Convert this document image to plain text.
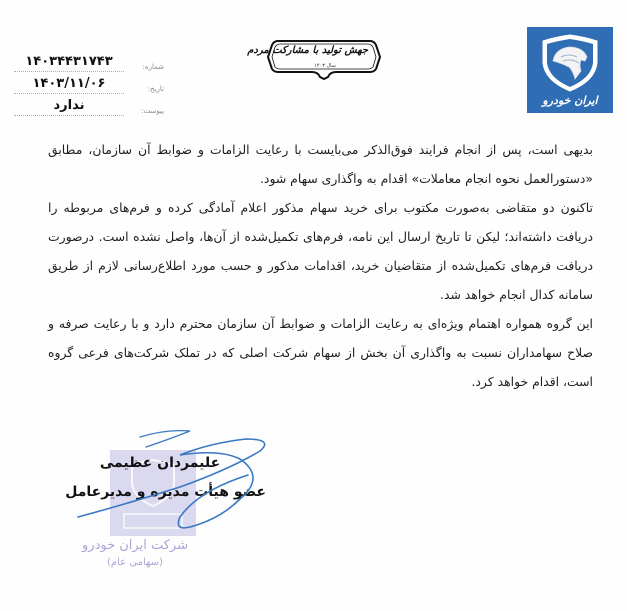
شماره:
۱۴۰۳۴۴۳۱۷۴۳
تاریخ:
۱۴۰۳/۱۱/۰۶
پیوست:
ندارد
جهش تولید با مشارکت مردم
سال ۱۴۰۳
ایران خودرو

بدیهی است، پس از انجام فرایند فوق‌الذکر می‌بایست با رعایت الزامات و ضوابط آن سازمان، مطابق «دستورالعمل نحوه انجام معاملات» اقدام به واگذاری سهام شود.

تاکنون دو متقاضی به‌صورت مکتوب برای خرید سهام مذکور اعلام آمادگی کرده و فرم‌های مربوطه را دریافت داشته‌اند؛ لیکن تا تاریخ ارسال این نامه، فرم‌های تکمیل‌شده از آن‌ها، واصل نشده است. درصورت دریافت فرم‌های تکمیل‌شده از متقاضیان خرید، اقدامات مذکور و حسب مورد اطلاع‌رسانی لازم از طریق سامانه کدال انجام خواهد شد.

این گروه همواره اهتمام ویژه‌ای به رعایت الزامات و ضوابط آن سازمان محترم دارد و با رعایت صرفه و صلاح سهامداران نسبت به واگذاری آن بخش از سهام شرکت اصلی که در تملک شرکت‌های فرعی گروه است، اقدام خواهد کرد.

شرکت ایران خودرو
(سهامی عام)
علیمردان عظیمی
عضو هیأت مدیره و مدیرعامل
